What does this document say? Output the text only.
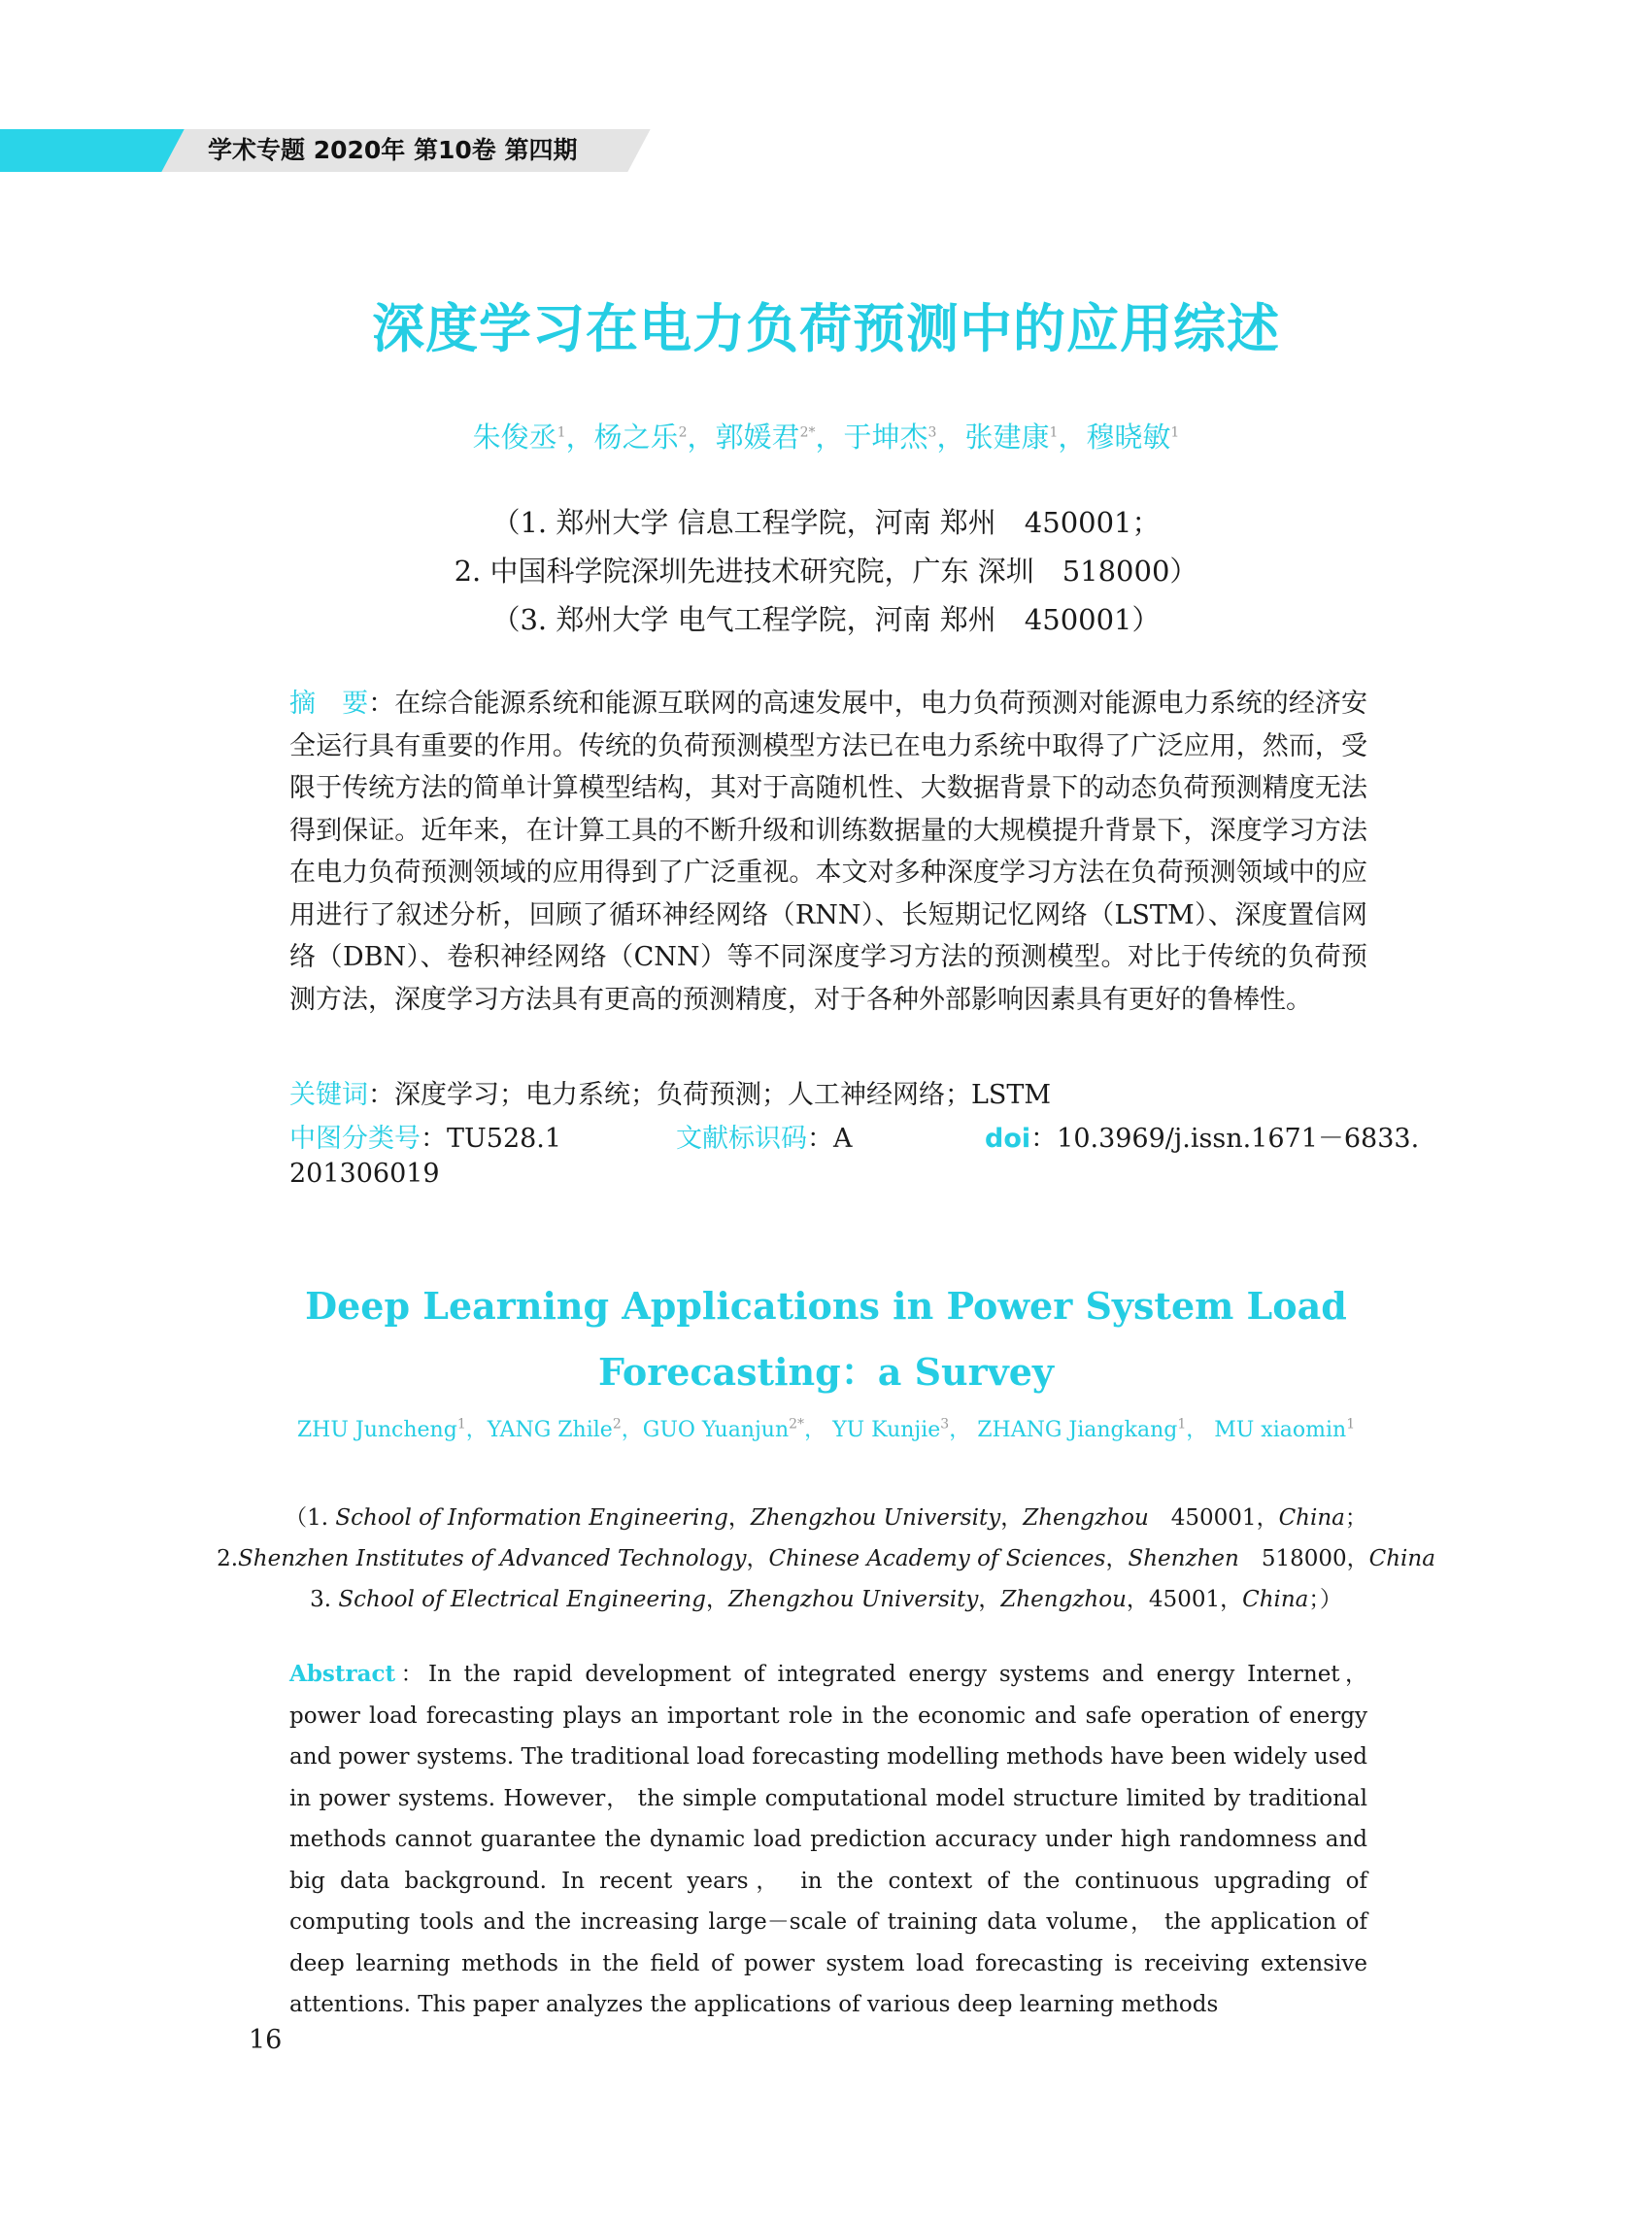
学术专题 2020年 第10卷 第四期
深度学习在电力负荷预测中的应用综述
朱俊丞$^1$，杨之乐$^2$，郭媛君$^{2*}$，于坤杰$^3$，张建康$^1$，穆晓敏$^1$
（1. 郑州大学 信息工程学院，河南 郑州　450001；
2. 中国科学院深圳先进技术研究院，广东 深圳　518000）
（3. 郑州大学 电气工程学院，河南 郑州　450001）
摘　要：在综合能源系统和能源互联网的高速发展中，电力负荷预测对能源电力系统的经济安全运行具有重要的作用。传统的负荷预测模型方法已在电力系统中取得了广泛应用，然而，受限于传统方法的简单计算模型结构，其对于高随机性、大数据背景下的动态负荷预测精度无法得到保证。近年来，在计算工具的不断升级和训练数据量的大规模提升背景下，深度学习方法在电力负荷预测领域的应用得到了广泛重视。本文对多种深度学习方法在负荷预测领域中的应用进行了叙述分析，回顾了循环神经网络（RNN）、长短期记忆网络（LSTM）、深度置信网络（DBN）、卷积神经网络（CNN）等不同深度学习方法的预测模型。对比于传统的负荷预测方法，深度学习方法具有更高的预测精度，对于各种外部影响因素具有更好的鲁棒性。
关键词：深度学习；电力系统；负荷预测；人工神经网络；LSTM
中图分类号：TU528.1	文献标识码：A	doi：10.3969/j.issn.1671－6833.
201306019
Deep Learning Applications in Power System Load
Forecasting：a Survey
ZHU Juncheng$^1$，YANG Zhile$^2$，GUO Yuanjun$^{2*}$， YU Kunjie$^3$， ZHANG Jiangkang$^1$， MU xiaomin$^1$
（1. School of Information Engineering，Zhengzhou University，Zhengzhou　450001，China；
2.Shenzhen Institutes of Advanced Technology，Chinese Academy of Sciences，Shenzhen　518000，China
3. School of Electrical Engineering，Zhengzhou University，Zhengzhou，45001，China；）
Abstract：In the rapid development of integrated energy systems and energy Internet， power load forecasting plays an important role in the economic and safe operation of energy and power systems. The traditional load forecasting modelling methods have been widely used in power systems. However， the simple computational model structure limited by traditional methods cannot guarantee the dynamic load prediction accuracy under high randomness and big data background. In recent years， in the context of the continuous upgrading of computing tools and the increasing large－scale of training data volume， the application of deep learning methods in the field of power system load forecasting is receiving extensive attentions. This paper analyzes the applications of various deep learning methods
16
